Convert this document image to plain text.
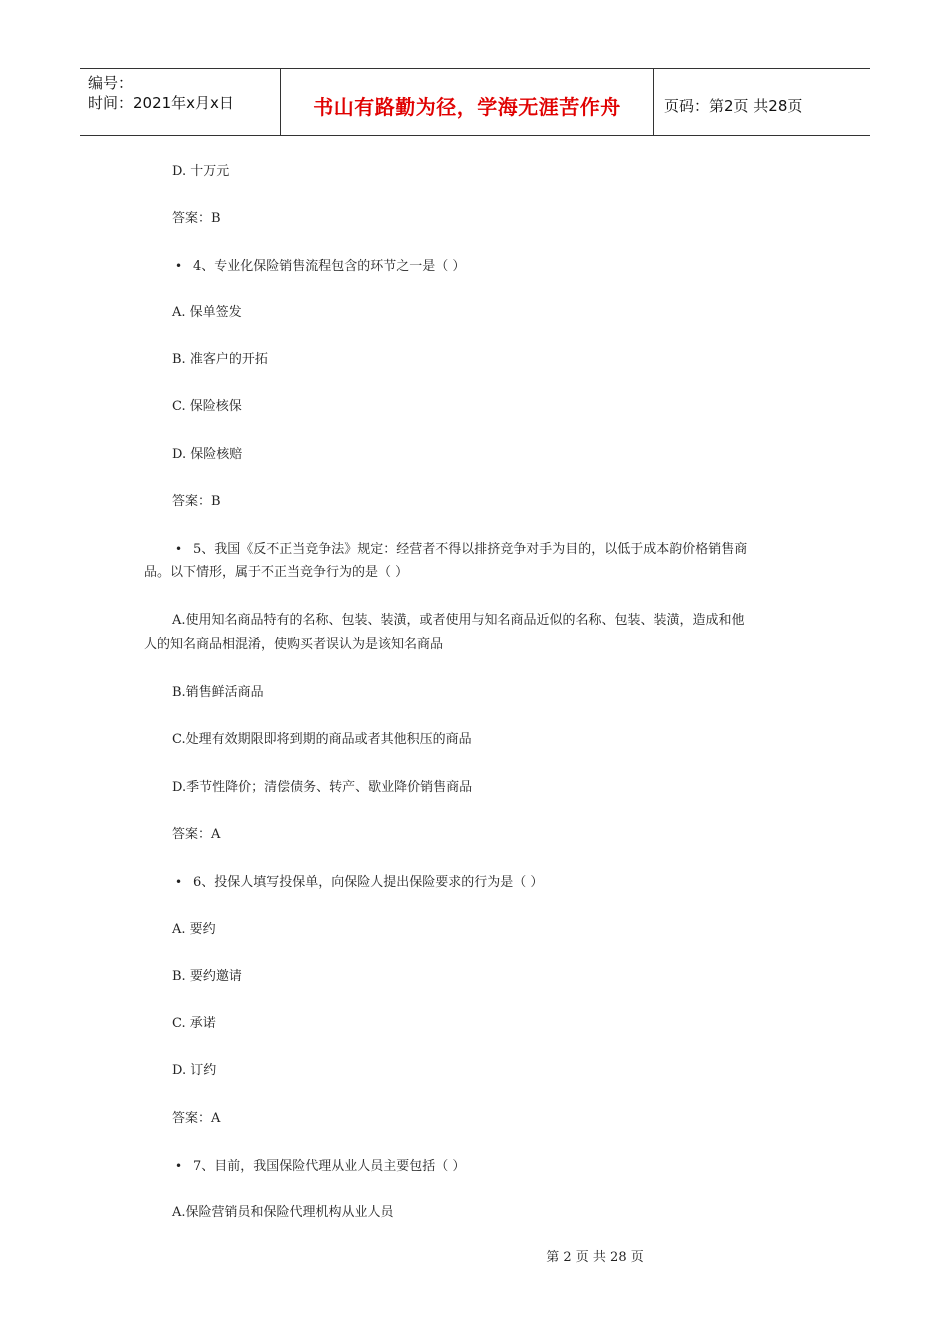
编号：
时间：2021年x月x日	书山有路勤为径，学海无涯苦作舟	页码：第2页 共28页
D. 十万元
答案：B
• 4、专业化保险销售流程包含的环节之一是（ ）
A. 保单签发
B. 准客户的开拓
C. 保险核保
D. 保险核赔
答案：B
• 5、我国《反不正当竞争法》规定：经营者不得以排挤竞争对手为目的，以低于成本韵价格销售商
品。以下情形，属于不正当竞争行为的是（ ）
A.使用知名商品特有的名称、包装、装潢，或者使用与知名商品近似的名称、包装、装潢，造成和他
人的知名商品相混淆，使购买者误认为是该知名商品
B.销售鲜活商品
C.处理有效期限即将到期的商品或者其他积压的商品
D.季节性降价；清偿债务、转产、歇业降价销售商品
答案：A
• 6、投保人填写投保单，向保险人提出保险要求的行为是（ ）
A. 要约
B. 要约邀请
C. 承诺
D. 订约
答案：A
• 7、目前，我国保险代理从业人员主要包括（ ）
A.保险营销员和保险代理机构从业人员
第 2 页 共 28 页
